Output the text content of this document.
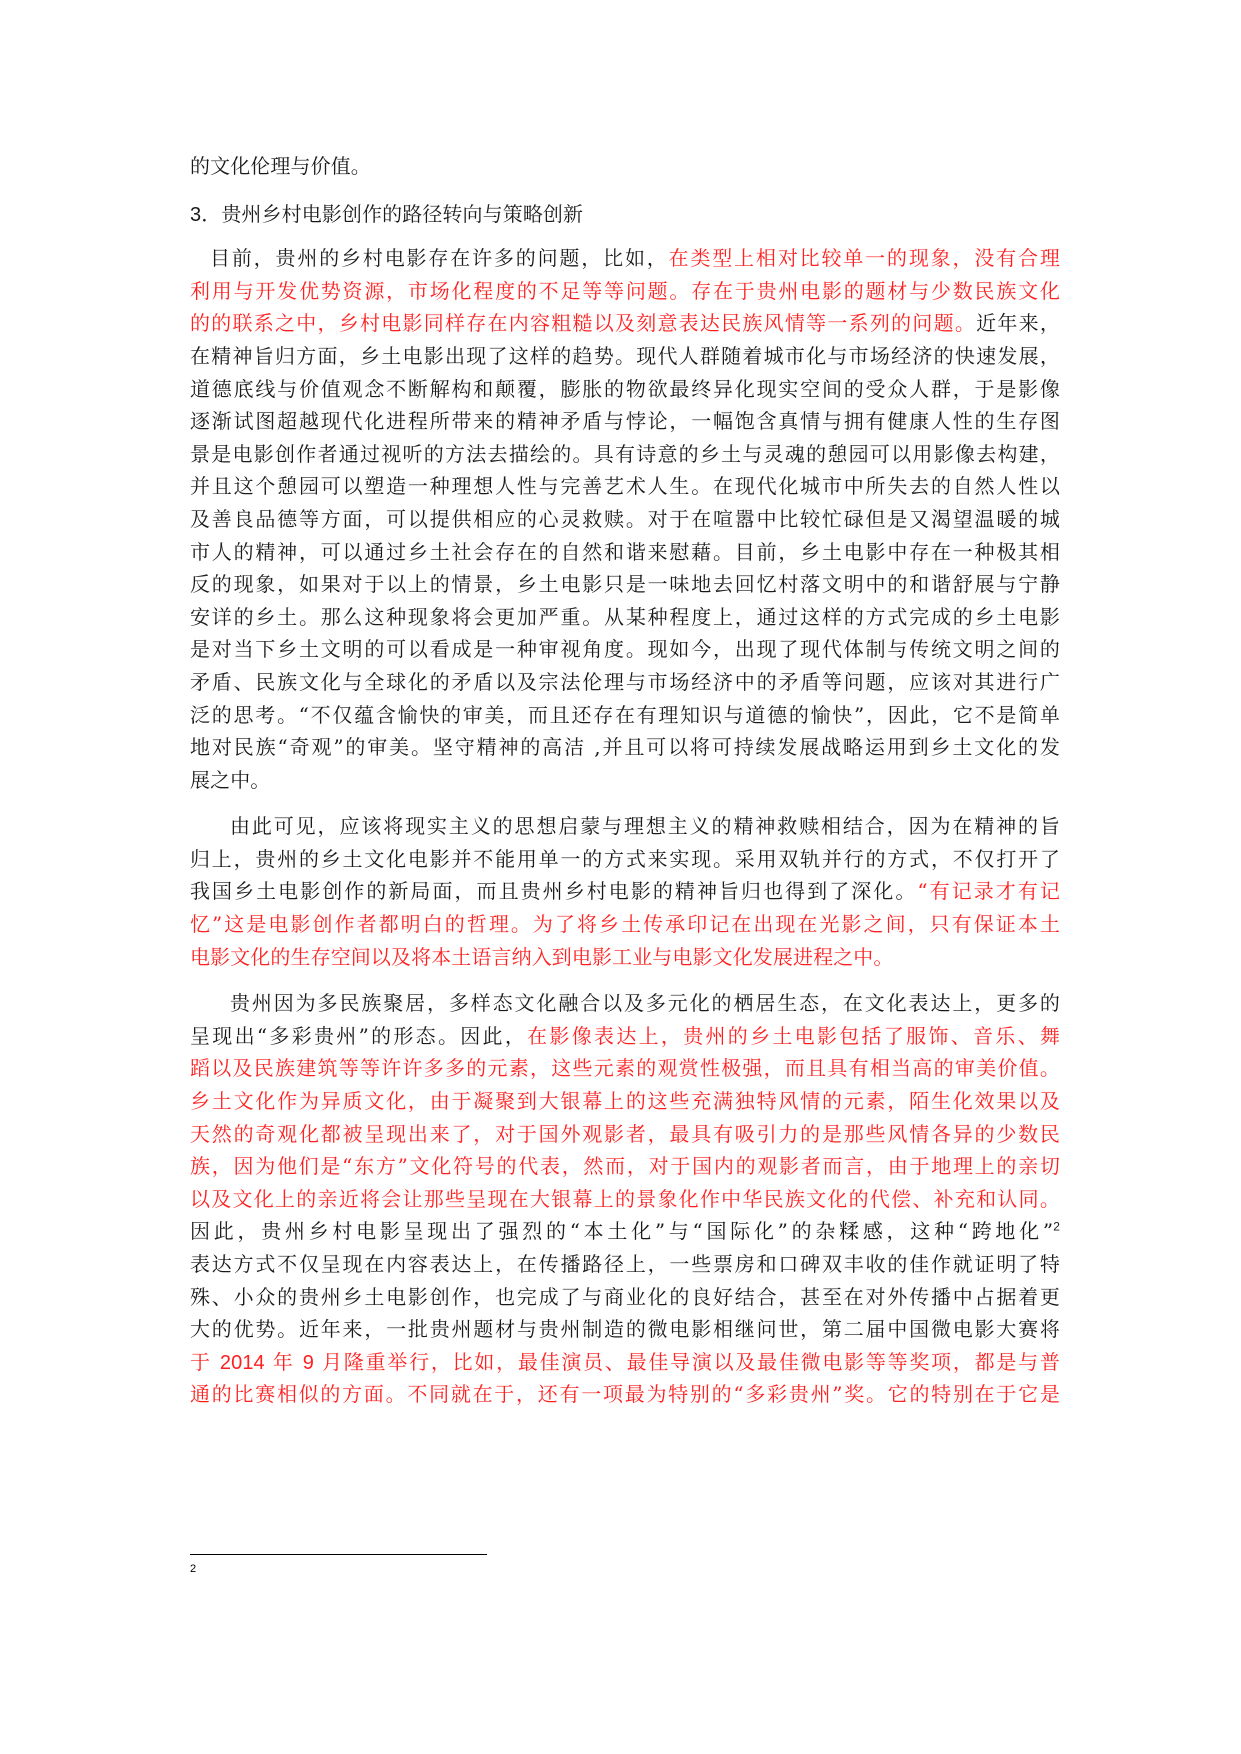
的文化伦理与价值。
3．贵州乡村电影创作的路径转向与策略创新
目前，贵州的乡村电影存在许多的问题，比如，在类型上相对比较单一的现象，没有合理
利用与开发优势资源，市场化程度的不足等等问题。存在于贵州电影的题材与少数民族文化
的的联系之中，乡村电影同样存在内容粗糙以及刻意表达民族风情等一系列的问题。近年来，
在精神旨归方面，乡土电影出现了这样的趋势。现代人群随着城市化与市场经济的快速发展，
道德底线与价值观念不断解构和颠覆，膨胀的物欲最终异化现实空间的受众人群，于是影像
逐渐试图超越现代化进程所带来的精神矛盾与悖论，一幅饱含真情与拥有健康人性的生存图
景是电影创作者通过视听的方法去描绘的。具有诗意的乡土与灵魂的憩园可以用影像去构建，
并且这个憩园可以塑造一种理想人性与完善艺术人生。在现代化城市中所失去的自然人性以
及善良品德等方面，可以提供相应的心灵救赎。对于在喧嚣中比较忙碌但是又渴望温暖的城
市人的精神，可以通过乡土社会存在的自然和谐来慰藉。目前，乡土电影中存在一种极其相
反的现象，如果对于以上的情景，乡土电影只是一味地去回忆村落文明中的和谐舒展与宁静
安详的乡土。那么这种现象将会更加严重。从某种程度上，通过这样的方式完成的乡土电影
是对当下乡土文明的可以看成是一种审视角度。现如今，出现了现代体制与传统文明之间的
矛盾、民族文化与全球化的矛盾以及宗法伦理与市场经济中的矛盾等问题，应该对其进行广
泛的思考。“不仅蕴含愉快的审美，而且还存在有理知识与道德的愉快”，因此，它不是简单
地对民族“奇观”的审美。坚守精神的高洁 ,并且可以将可持续发展战略运用到乡土文化的发
展之中。
由此可见，应该将现实主义的思想启蒙与理想主义的精神救赎相结合，因为在精神的旨
归上，贵州的乡土文化电影并不能用单一的方式来实现。采用双轨并行的方式，不仅打开了
我国乡土电影创作的新局面，而且贵州乡村电影的精神旨归也得到了深化。“有记录才有记
忆”这是电影创作者都明白的哲理。为了将乡土传承印记在出现在光影之间，只有保证本土
电影文化的生存空间以及将本土语言纳入到电影工业与电影文化发展进程之中。
贵州因为多民族聚居，多样态文化融合以及多元化的栖居生态，在文化表达上，更多的
呈现出“多彩贵州”的形态。因此，在影像表达上，贵州的乡土电影包括了服饰、音乐、舞
蹈以及民族建筑等等许许多多的元素，这些元素的观赏性极强，而且具有相当高的审美价值。
乡土文化作为异质文化，由于凝聚到大银幕上的这些充满独特风情的元素，陌生化效果以及
天然的奇观化都被呈现出来了，对于国外观影者，最具有吸引力的是那些风情各异的少数民
族，因为他们是“东方”文化符号的代表，然而，对于国内的观影者而言，由于地理上的亲切
以及文化上的亲近将会让那些呈现在大银幕上的景象化作中华民族文化的代偿、补充和认同。
因此，贵州乡村电影呈现出了强烈的“本土化”与“国际化”的杂糅感，这种“跨地化”$^2$
表达方式不仅呈现在内容表达上，在传播路径上，一些票房和口碑双丰收的佳作就证明了特
殊、小众的贵州乡土电影创作，也完成了与商业化的良好结合，甚至在对外传播中占据着更
大的优势。近年来，一批贵州题材与贵州制造的微电影相继问世，第二届中国微电影大赛将
于 2014 年 9 月隆重举行，比如，最佳演员、最佳导演以及最佳微电影等等奖项，都是与普
通的比赛相似的方面。不同就在于，还有一项最为特别的“多彩贵州”奖。它的特别在于它是
2
